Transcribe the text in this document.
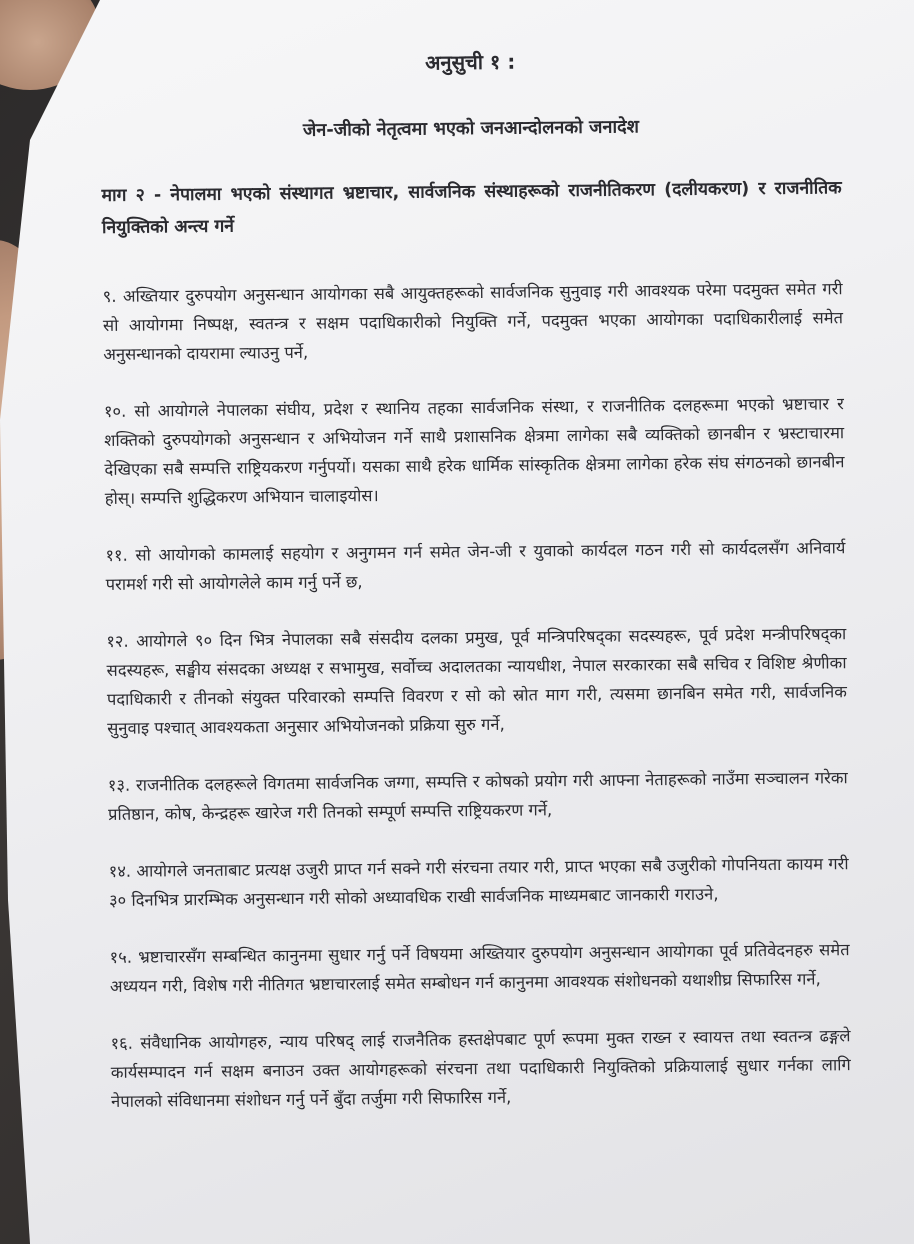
अनुसुची १ :
जेन-जीको नेतृत्वमा भएको जनआन्दोलनको जनादेश
माग २ - नेपालमा भएको संस्थागत भ्रष्टाचार, सार्वजनिक संस्थाहरूको राजनीतिकरण (दलीयकरण) र राजनीतिक नियुक्तिको अन्त्य गर्ने
९. अख्तियार दुरुपयोग अनुसन्धान आयोगका सबै आयुक्तहरूको सार्वजनिक सुनुवाइ गरी आवश्यक परेमा पदमुक्त समेत गरी सो आयोगमा निष्पक्ष, स्वतन्त्र र सक्षम पदाधिकारीको नियुक्ति गर्ने, पदमुक्त भएका आयोगका पदाधिकारीलाई समेत अनुसन्धानको दायरामा ल्याउनु पर्ने,
१०. सो आयोगले नेपालका संघीय, प्रदेश र स्थानिय तहका सार्वजनिक संस्था, र राजनीतिक दलहरूमा भएको भ्रष्टाचार र शक्तिको दुरुपयोगको अनुसन्धान र अभियोजन गर्ने साथै प्रशासनिक क्षेत्रमा लागेका सबै व्यक्तिको छानबीन र भ्रस्टाचारमा देखिएका सबै सम्पत्ति राष्ट्रियकरण गर्नुपर्यो। यसका साथै हरेक धार्मिक सांस्कृतिक क्षेत्रमा लागेका हरेक संघ संगठनको छानबीन होस्। सम्पत्ति शुद्धिकरण अभियान चालाइयोस।
११. सो आयोगको कामलाई सहयोग र अनुगमन गर्न समेत जेन-जी र युवाको कार्यदल गठन गरी सो कार्यदलसँग अनिवार्य परामर्श गरी सो आयोगलेले काम गर्नु पर्ने छ,
१२. आयोगले ९० दिन भित्र नेपालका सबै संसदीय दलका प्रमुख, पूर्व मन्त्रिपरिषद्का सदस्यहरू, पूर्व प्रदेश मन्त्रीपरिषद्का सदस्यहरू, सङ्घीय संसदका अध्यक्ष र सभामुख, सर्वोच्च अदालतका न्यायधीश, नेपाल सरकारका सबै सचिव र विशिष्ट श्रेणीका पदाधिकारी र तीनको संयुक्त परिवारको सम्पत्ति विवरण र सो को स्रोत माग गरी, त्यसमा छानबिन समेत गरी, सार्वजनिक सुनुवाइ पश्चात् आवश्यकता अनुसार अभियोजनको प्रक्रिया सुरु गर्ने,
१३. राजनीतिक दलहरूले विगतमा सार्वजनिक जग्गा, सम्पत्ति र कोषको प्रयोग गरी आफ्ना नेताहरूको नाउँमा सञ्चालन गरेका प्रतिष्ठान, कोष, केन्द्रहरू खारेज गरी तिनको सम्पूर्ण सम्पत्ति राष्ट्रियकरण गर्ने,
१४. आयोगले जनताबाट प्रत्यक्ष उजुरी प्राप्त गर्न सक्ने गरी संरचना तयार गरी, प्राप्त भएका सबै उजुरीको गोपनियता कायम गरी ३० दिनभित्र प्रारम्भिक अनुसन्धान गरी सोको अध्यावधिक राखी सार्वजनिक माध्यमबाट जानकारी गराउने,
१५. भ्रष्टाचारसँग सम्बन्धित कानुनमा सुधार गर्नु पर्ने विषयमा अख्तियार दुरुपयोग अनुसन्धान आयोगका पूर्व प्रतिवेदनहरु समेत अध्ययन गरी, विशेष गरी नीतिगत भ्रष्टाचारलाई समेत सम्बोधन गर्न कानुनमा आवश्यक संशोधनको यथाशीघ्र सिफारिस गर्ने,
१६. संवैधानिक आयोगहरु, न्याय परिषद् लाई राजनैतिक हस्तक्षेपबाट पूर्ण रूपमा मुक्त राख्न र स्वायत्त तथा स्वतन्त्र ढङ्गले कार्यसम्पादन गर्न सक्षम बनाउन उक्त आयोगहरूको संरचना तथा पदाधिकारी नियुक्तिको प्रक्रियालाई सुधार गर्नका लागि नेपालको संविधानमा संशोधन गर्नु पर्ने बुँदा तर्जुमा गरी सिफारिस गर्ने,
